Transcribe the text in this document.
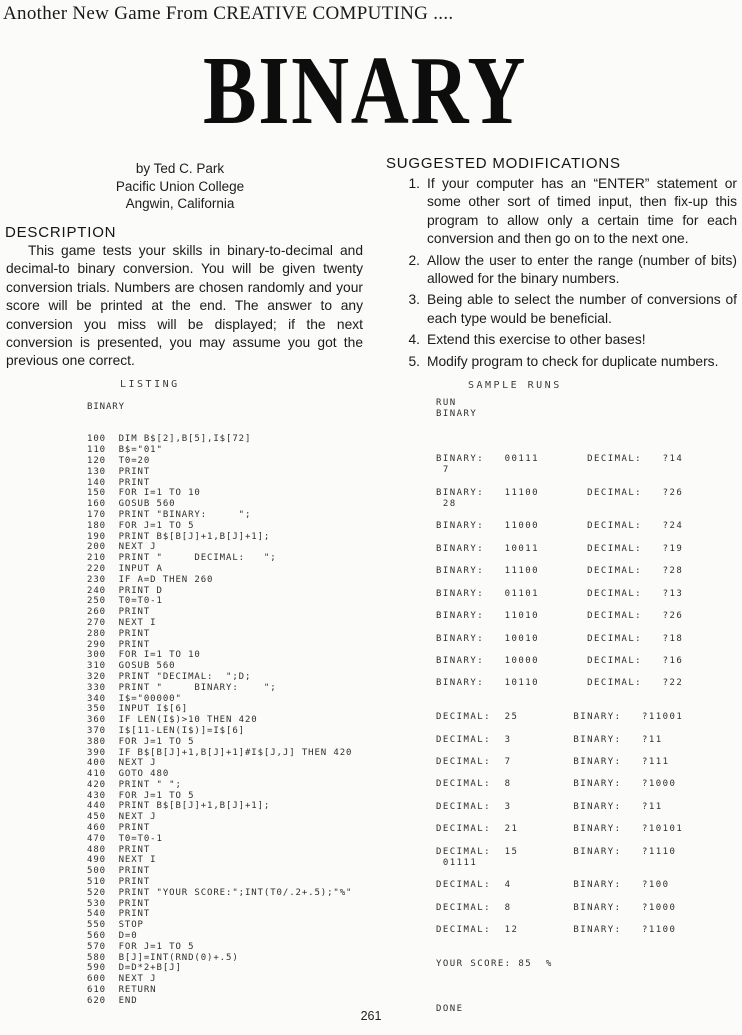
Another New Game From CREATIVE COMPUTING ....
BINARY
by Ted C. Park
Pacific Union College
Angwin, California
DESCRIPTION
This game tests your skills in binary-to-decimal and decimal-to binary conversion. You will be given twenty conversion trials. Numbers are chosen randomly and your score will be printed at the end. The answer to any conversion you miss will be displayed; if the next conversion is presented, you may assume you got the previous one correct.
SUGGESTED MODIFICATIONS
1. If your computer has an “ENTER” statement or some other sort of timed input, then fix-up this program to allow only a certain time for each conversion and then go on to the next one.
2. Allow the user to enter the range (number of bits) allowed for the binary numbers.
3. Being able to select the number of conversions of each type would be beneficial.
4. Extend this exercise to other bases!
5. Modify program to check for duplicate numbers.
LISTING
BINARY

100  DIM B$[2],B[5],I$[72]
110  B$="01"
120  T0=20
130  PRINT
140  PRINT
150  FOR I=1 TO 10
160  GOSUB 560
170  PRINT "BINARY:     ";
180  FOR J=1 TO 5
190  PRINT B$[B[J]+1,B[J]+1];
200  NEXT J
210  PRINT "     DECIMAL:   ";
220  INPUT A
230  IF A=D THEN 260
240  PRINT D
250  T0=T0-1
260  PRINT
270  NEXT I
280  PRINT
290  PRINT
300  FOR I=1 TO 10
310  GOSUB 560
320  PRINT "DECIMAL:  ";D;
330  PRINT "     BINARY:    ";
340  I$="00000"
350  INPUT I$[6]
360  IF LEN(I$)>10 THEN 420
370  I$[11-LEN(I$)]=I$[6]
380  FOR J=1 TO 5
390  IF B$[B[J]+1,B[J]+1]#I$[J,J] THEN 420
400  NEXT J
410  GOTO 480
420  PRINT " ";
430  FOR J=1 TO 5
440  PRINT B$[B[J]+1,B[J]+1];
450  NEXT J
460  PRINT
470  T0=T0-1
480  PRINT
490  NEXT I
500  PRINT
510  PRINT
520  PRINT "YOUR SCORE:";INT(T0/.2+.5);"%"
530  PRINT
540  PRINT
550  STOP
560  D=0
570  FOR J=1 TO 5
580  B[J]=INT(RND(0)+.5)
590  D=D*2+B[J]
600  NEXT J
610  RETURN
620  END
SAMPLE RUNS
RUN
BINARY

BINARY:   00111       DECIMAL:   ?14
7

BINARY:   11100       DECIMAL:   ?26
28

BINARY:   11000       DECIMAL:   ?24

BINARY:   10011       DECIMAL:   ?19

BINARY:   11100       DECIMAL:   ?28

BINARY:   01101       DECIMAL:   ?13

BINARY:   11010       DECIMAL:   ?26

BINARY:   10010       DECIMAL:   ?18

BINARY:   10000       DECIMAL:   ?16

BINARY:   10110       DECIMAL:   ?22

DECIMAL:  25        BINARY:   ?11001

DECIMAL:  3         BINARY:   ?11

DECIMAL:  7         BINARY:   ?111

DECIMAL:  8         BINARY:   ?1000

DECIMAL:  3         BINARY:   ?11

DECIMAL:  21        BINARY:   ?10101

DECIMAL:  15        BINARY:   ?1110
01111

DECIMAL:  4         BINARY:   ?100

DECIMAL:  8         BINARY:   ?1000

DECIMAL:  12        BINARY:   ?1100

YOUR SCORE: 85  %

DONE
261
